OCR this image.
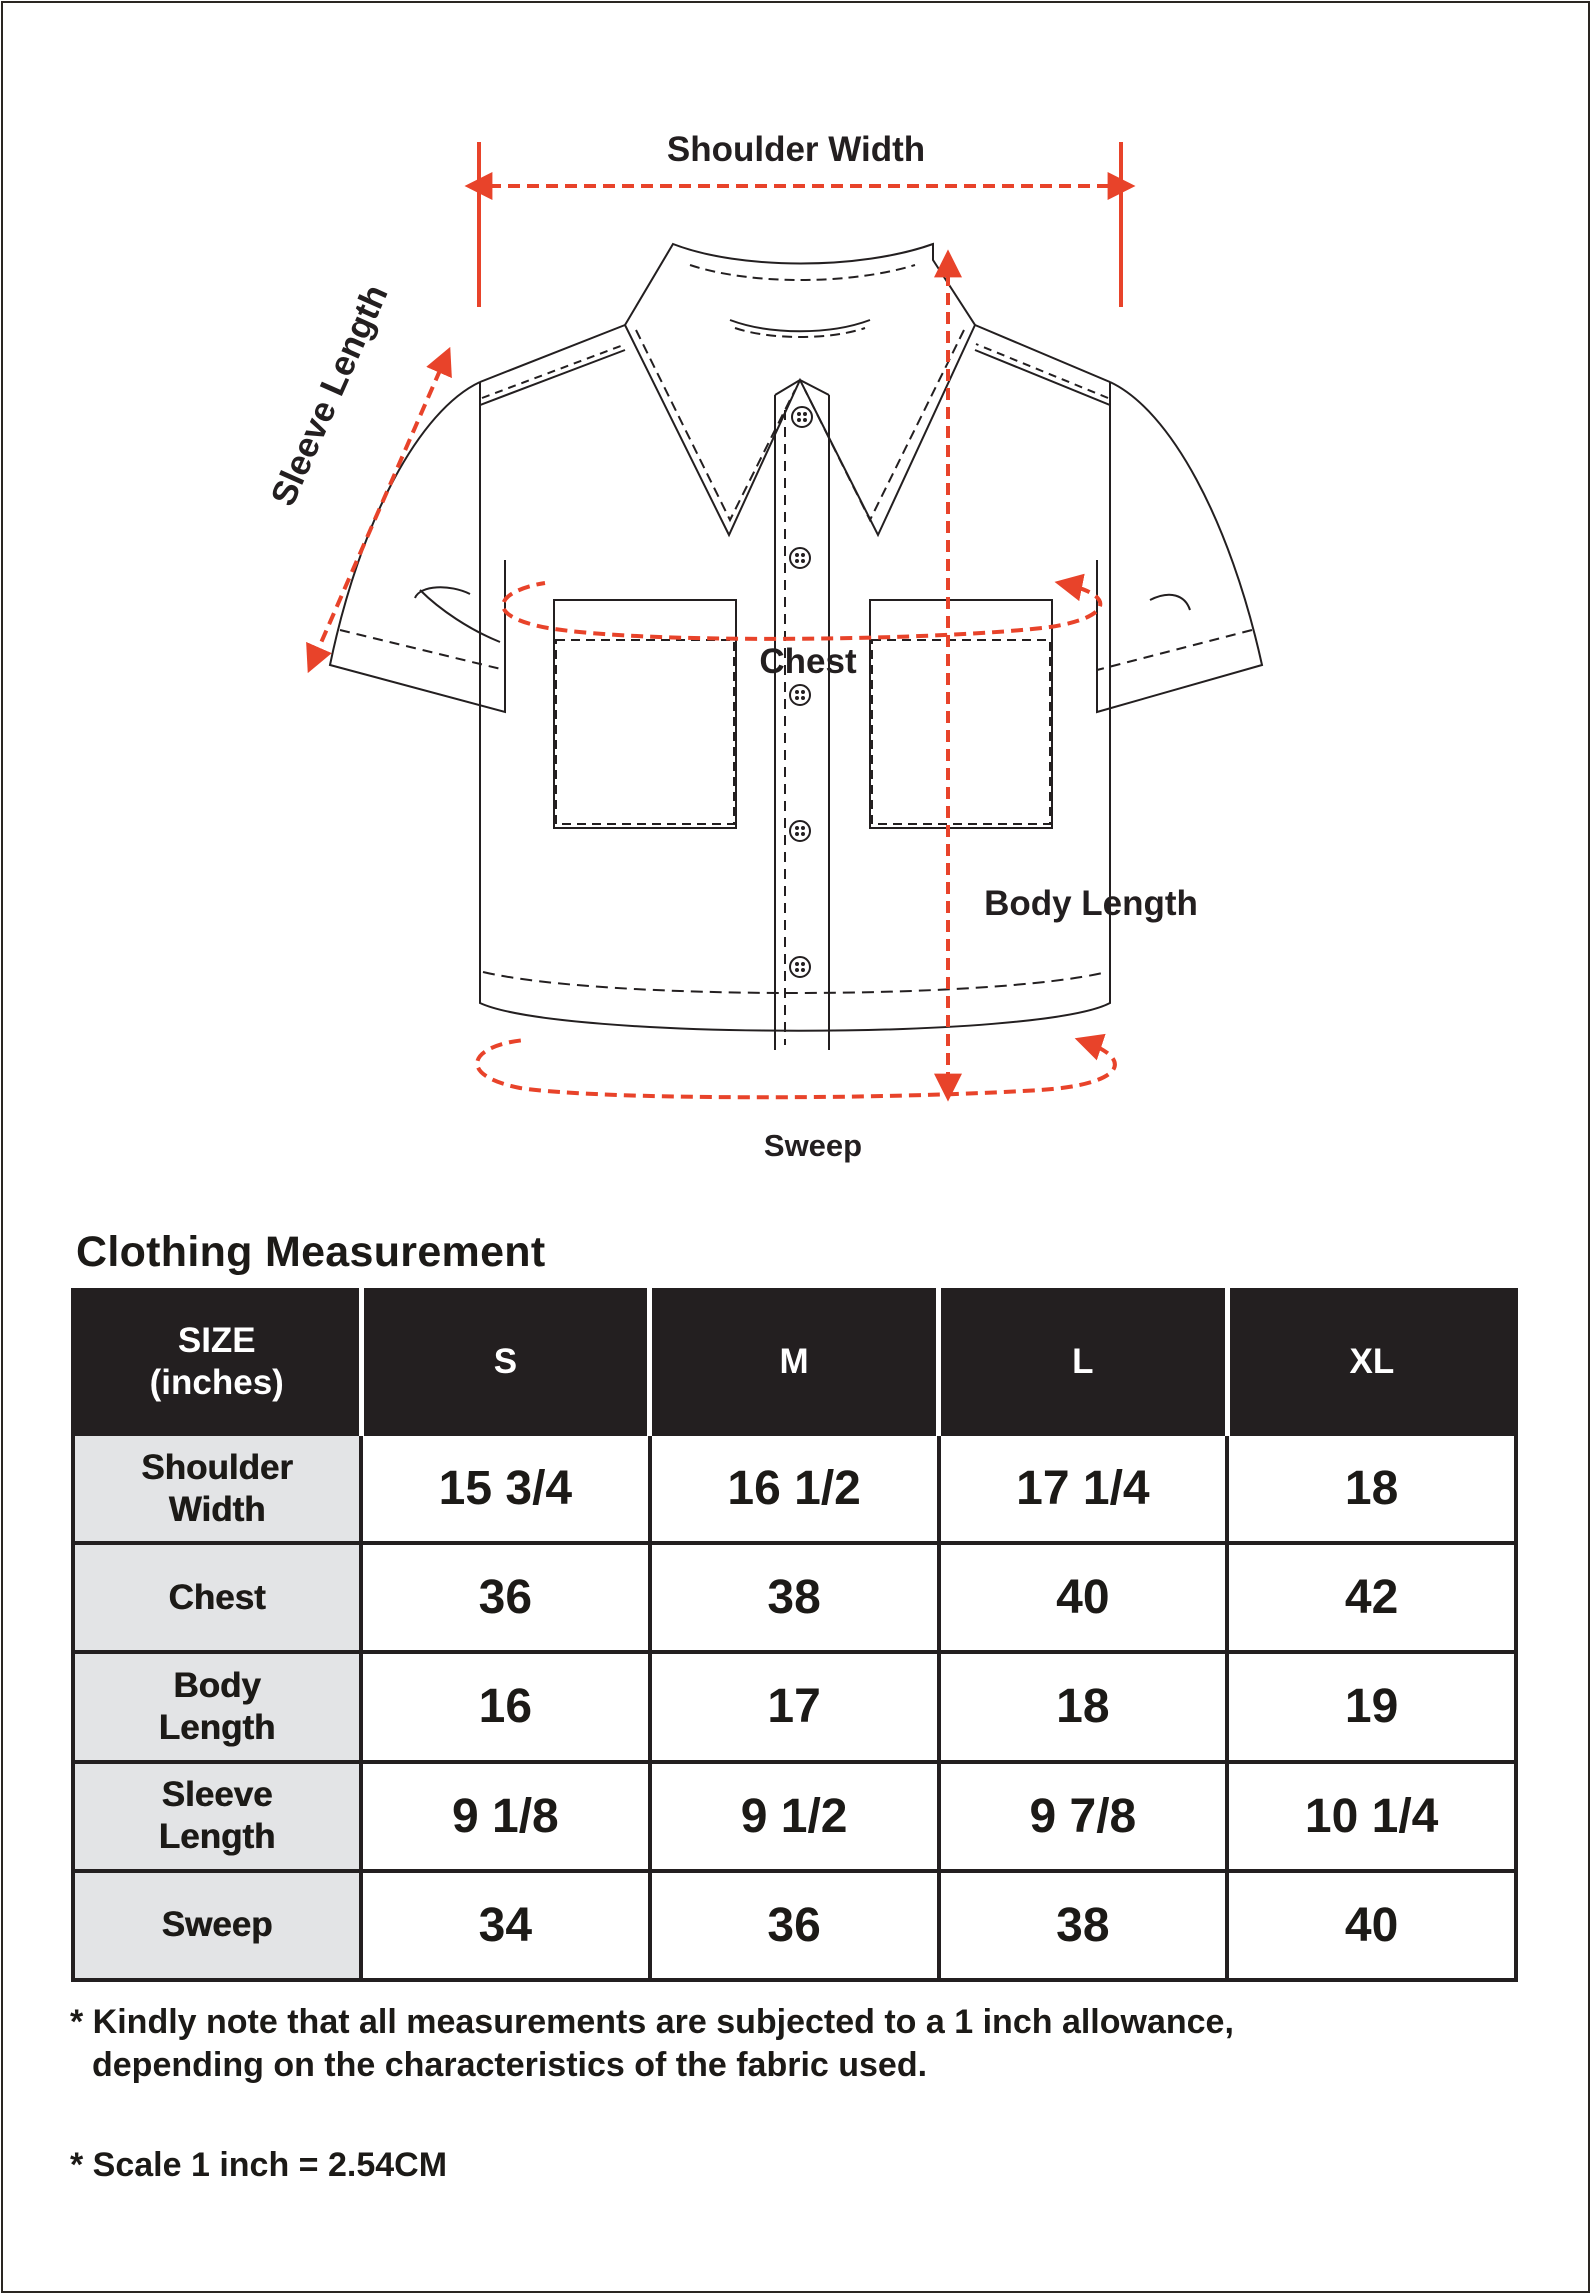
Shoulder Width
Sleeve Length
Chest
Body Length
Sweep
Clothing Measurement
SIZE
(inches)	S	M	L	XL
Shoulder
Width	15 3/4	16 1/2	17 1/4	18
Chest	36	38	40	42
Body
Length	16	17	18	19
Sleeve
Length	9 1/8	9 1/2	9 7/8	10 1/4
Sweep	34	36	38	40
* Kindly note that all measurements are subjected to a 1 inch allowance,
depending on the characteristics of the fabric used.
* Scale 1 inch = 2.54CM
